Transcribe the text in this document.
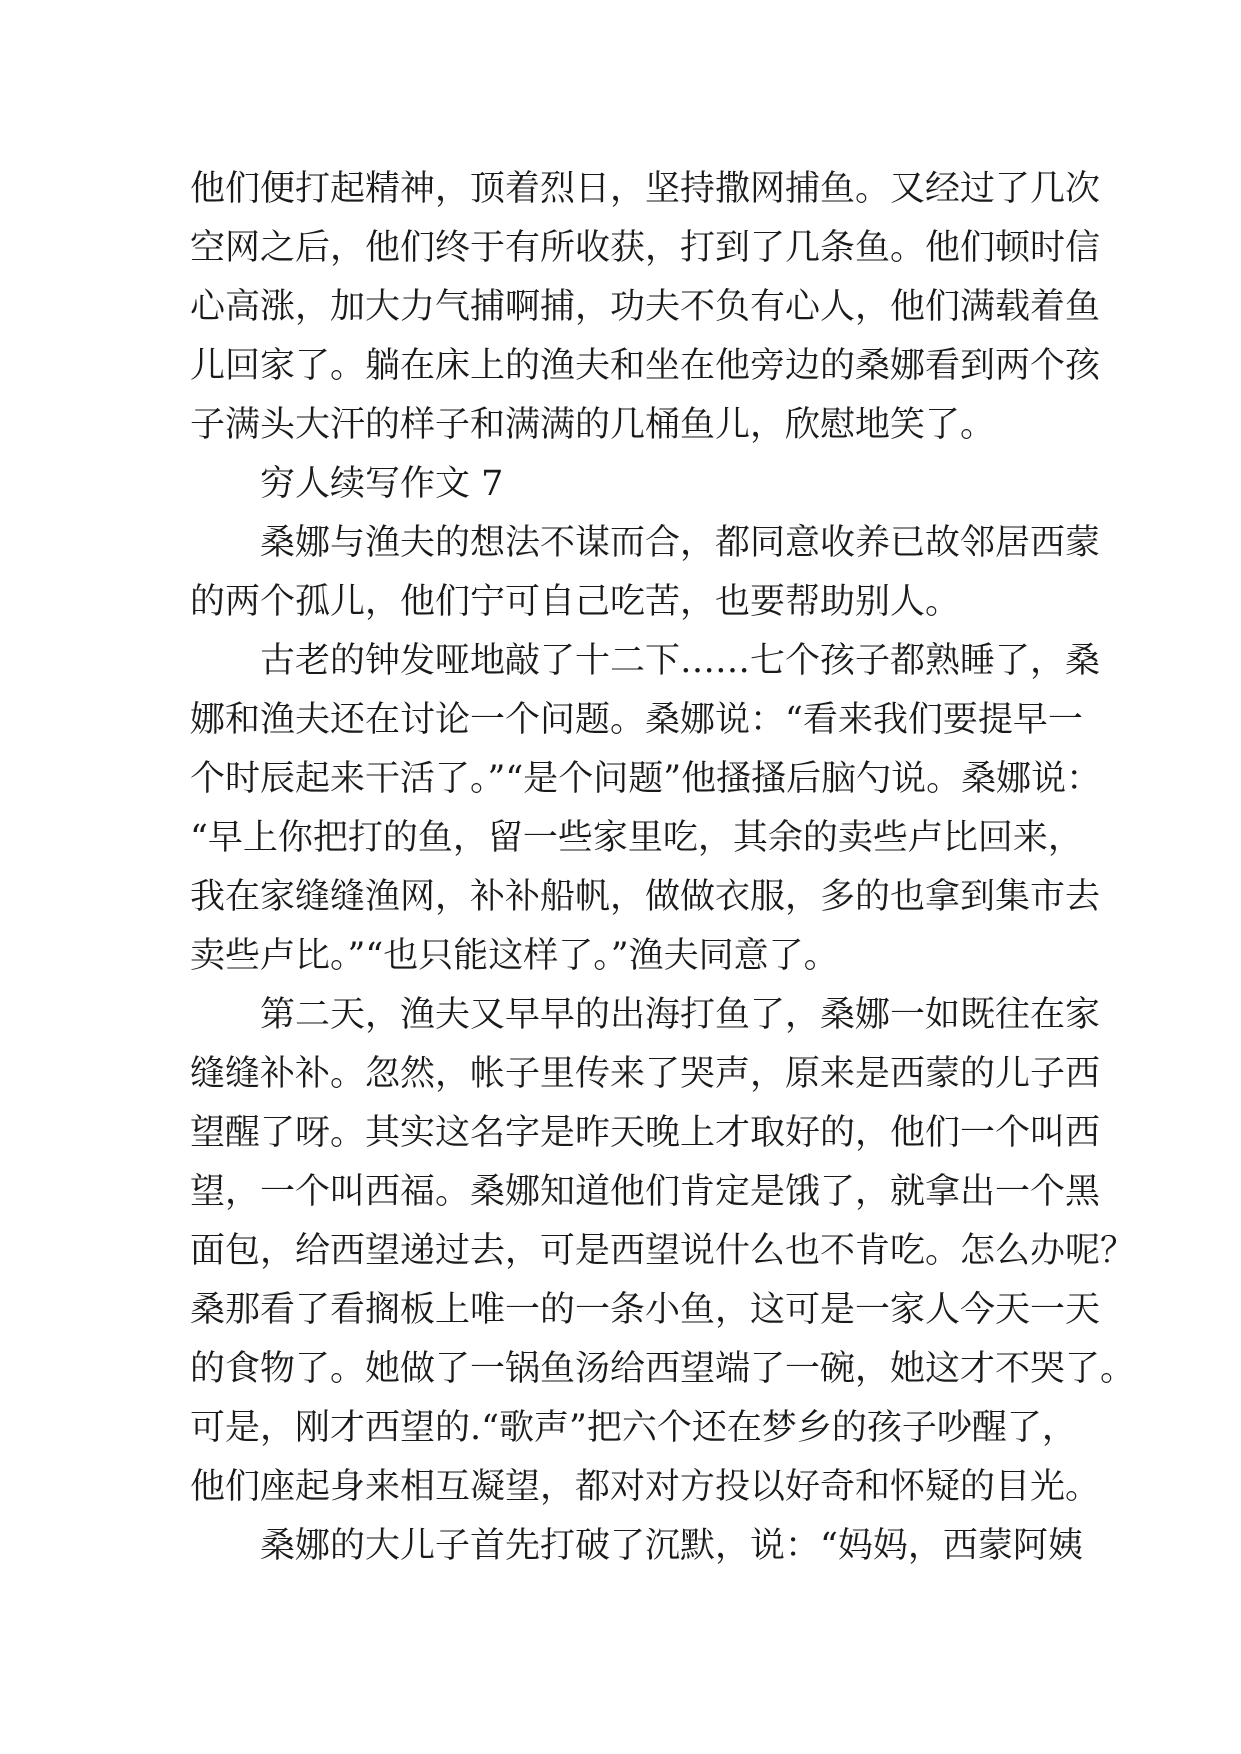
他们便打起精神，顶着烈日，坚持撒网捕鱼。又经过了几次
空网之后，他们终于有所收获，打到了几条鱼。他们顿时信
心高涨，加大力气捕啊捕，功夫不负有心人，他们满载着鱼
儿回家了。躺在床上的渔夫和坐在他旁边的桑娜看到两个孩
子满头大汗的样子和满满的几桶鱼儿，欣慰地笑了。
穷人续写作文 7
桑娜与渔夫的想法不谋而合，都同意收养已故邻居西蒙
的两个孤儿，他们宁可自己吃苦，也要帮助别人。
古老的钟发哑地敲了十二下……七个孩子都熟睡了，桑
娜和渔夫还在讨论一个问题。桑娜说：“看来我们要提早一
个时辰起来干活了。”“是个问题”他搔搔后脑勺说。桑娜说：
“早上你把打的鱼，留一些家里吃，其余的卖些卢比回来，
我在家缝缝渔网，补补船帆，做做衣服，多的也拿到集市去
卖些卢比。”“也只能这样了。”渔夫同意了。
第二天，渔夫又早早的出海打鱼了，桑娜一如既往在家
缝缝补补。忽然，帐子里传来了哭声，原来是西蒙的儿子西
望醒了呀。其实这名字是昨天晚上才取好的，他们一个叫西
望，一个叫西福。桑娜知道他们肯定是饿了，就拿出一个黑
面包，给西望递过去，可是西望说什么也不肯吃。怎么办呢？
桑那看了看搁板上唯一的一条小鱼，这可是一家人今天一天
的食物了。她做了一锅鱼汤给西望端了一碗，她这才不哭了。
可是，刚才西望的.“歌声”把六个还在梦乡的孩子吵醒了，
他们座起身来相互凝望，都对对方投以好奇和怀疑的目光。
桑娜的大儿子首先打破了沉默，说：“妈妈，西蒙阿姨
